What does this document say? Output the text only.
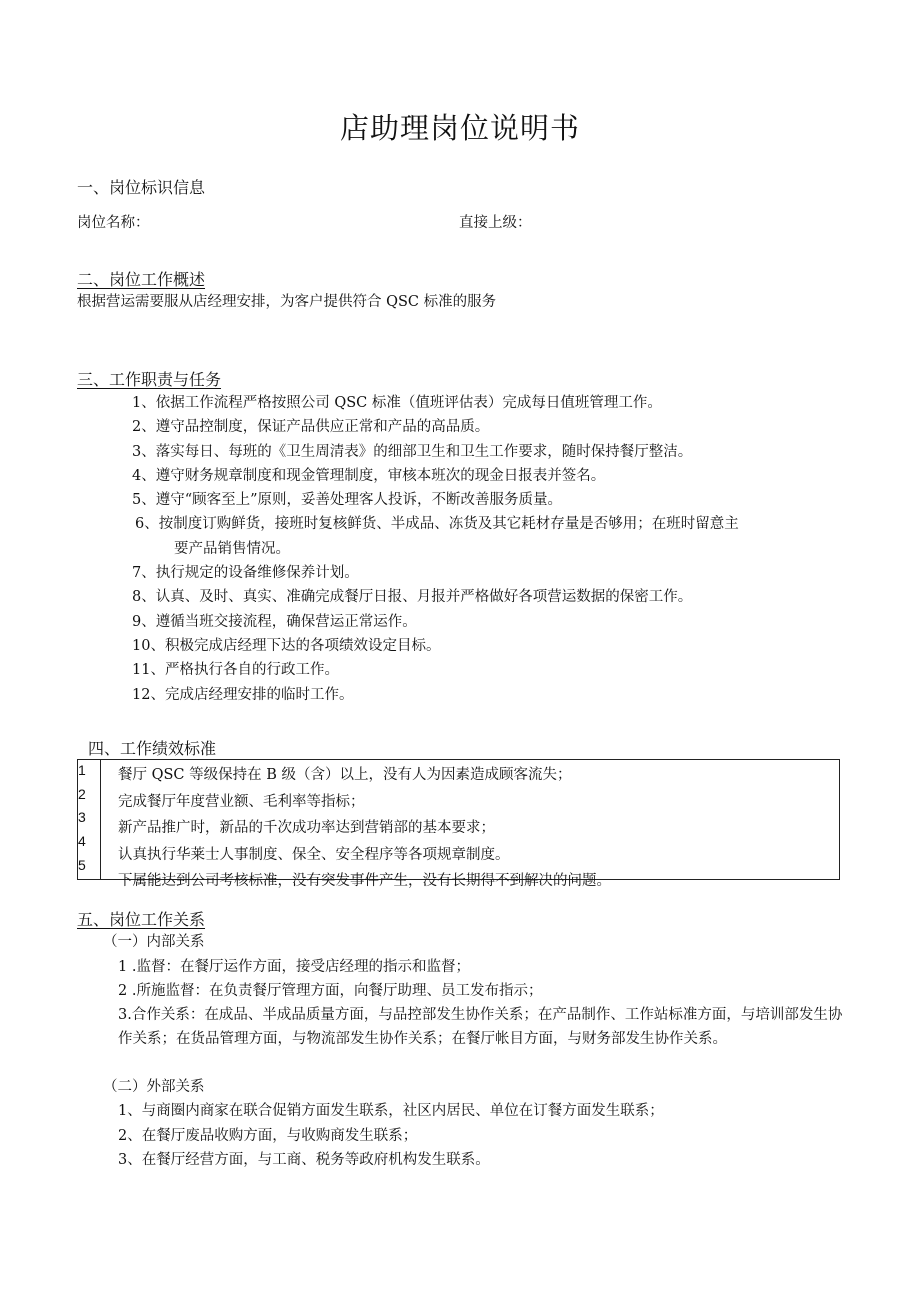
店助理岗位说明书
一、岗位标识信息
岗位名称：	直接上级：
二、岗位工作概述
根据营运需要服从店经理安排，为客户提供符合 QSC 标准的服务
三、工作职责与任务
1、依据工作流程严格按照公司 QSC 标准（值班评估表）完成每日值班管理工作。
2、遵守品控制度，保证产品供应正常和产品的高品质。
3、落实每日、每班的《卫生周清表》的细部卫生和卫生工作要求，随时保持餐厅整洁。
4、遵守财务规章制度和现金管理制度，审核本班次的现金日报表并签名。
5、遵守“顾客至上”原则，妥善处理客人投诉，不断改善服务质量。
6、按制度订购鲜货，接班时复核鲜货、半成品、冻货及其它耗材存量是否够用；在班时留意主
要产品销售情况。
7、执行规定的设备维修保养计划。
8、认真、及时、真实、准确完成餐厅日报、月报并严格做好各项营运数据的保密工作。
9、遵循当班交接流程，确保营运正常运作。
10、积极完成店经理下达的各项绩效设定目标。
11、严格执行各自的行政工作。
12、完成店经理安排的临时工作。
四、工作绩效标准
1
2
3
4
5
餐厅 QSC 等级保持在 B 级（含）以上，没有人为因素造成顾客流失；
完成餐厅年度营业额、毛利率等指标；
新产品推广时，新品的千次成功率达到营销部的基本要求；
认真执行华莱士人事制度、保全、安全程序等各项规章制度。
下属能达到公司考核标准，没有突发事件产生，没有长期得不到解决的问题。
五、岗位工作关系
（一）内部关系
1 .监督：在餐厅运作方面，接受店经理的指示和监督；
2 .所施监督：在负责餐厅管理方面，向餐厅助理、员工发布指示；
3.合作关系：在成品、半成品质量方面，与品控部发生协作关系；在产品制作、工作站标准方面，与培训部发生协作关系；在货品管理方面，与物流部发生协作关系；在餐厅帐目方面，与财务部发生协作关系。
（二）外部关系
1、与商圈内商家在联合促销方面发生联系，社区内居民、单位在订餐方面发生联系；
2、在餐厅废品收购方面，与收购商发生联系；
3、在餐厅经营方面，与工商、税务等政府机构发生联系。
